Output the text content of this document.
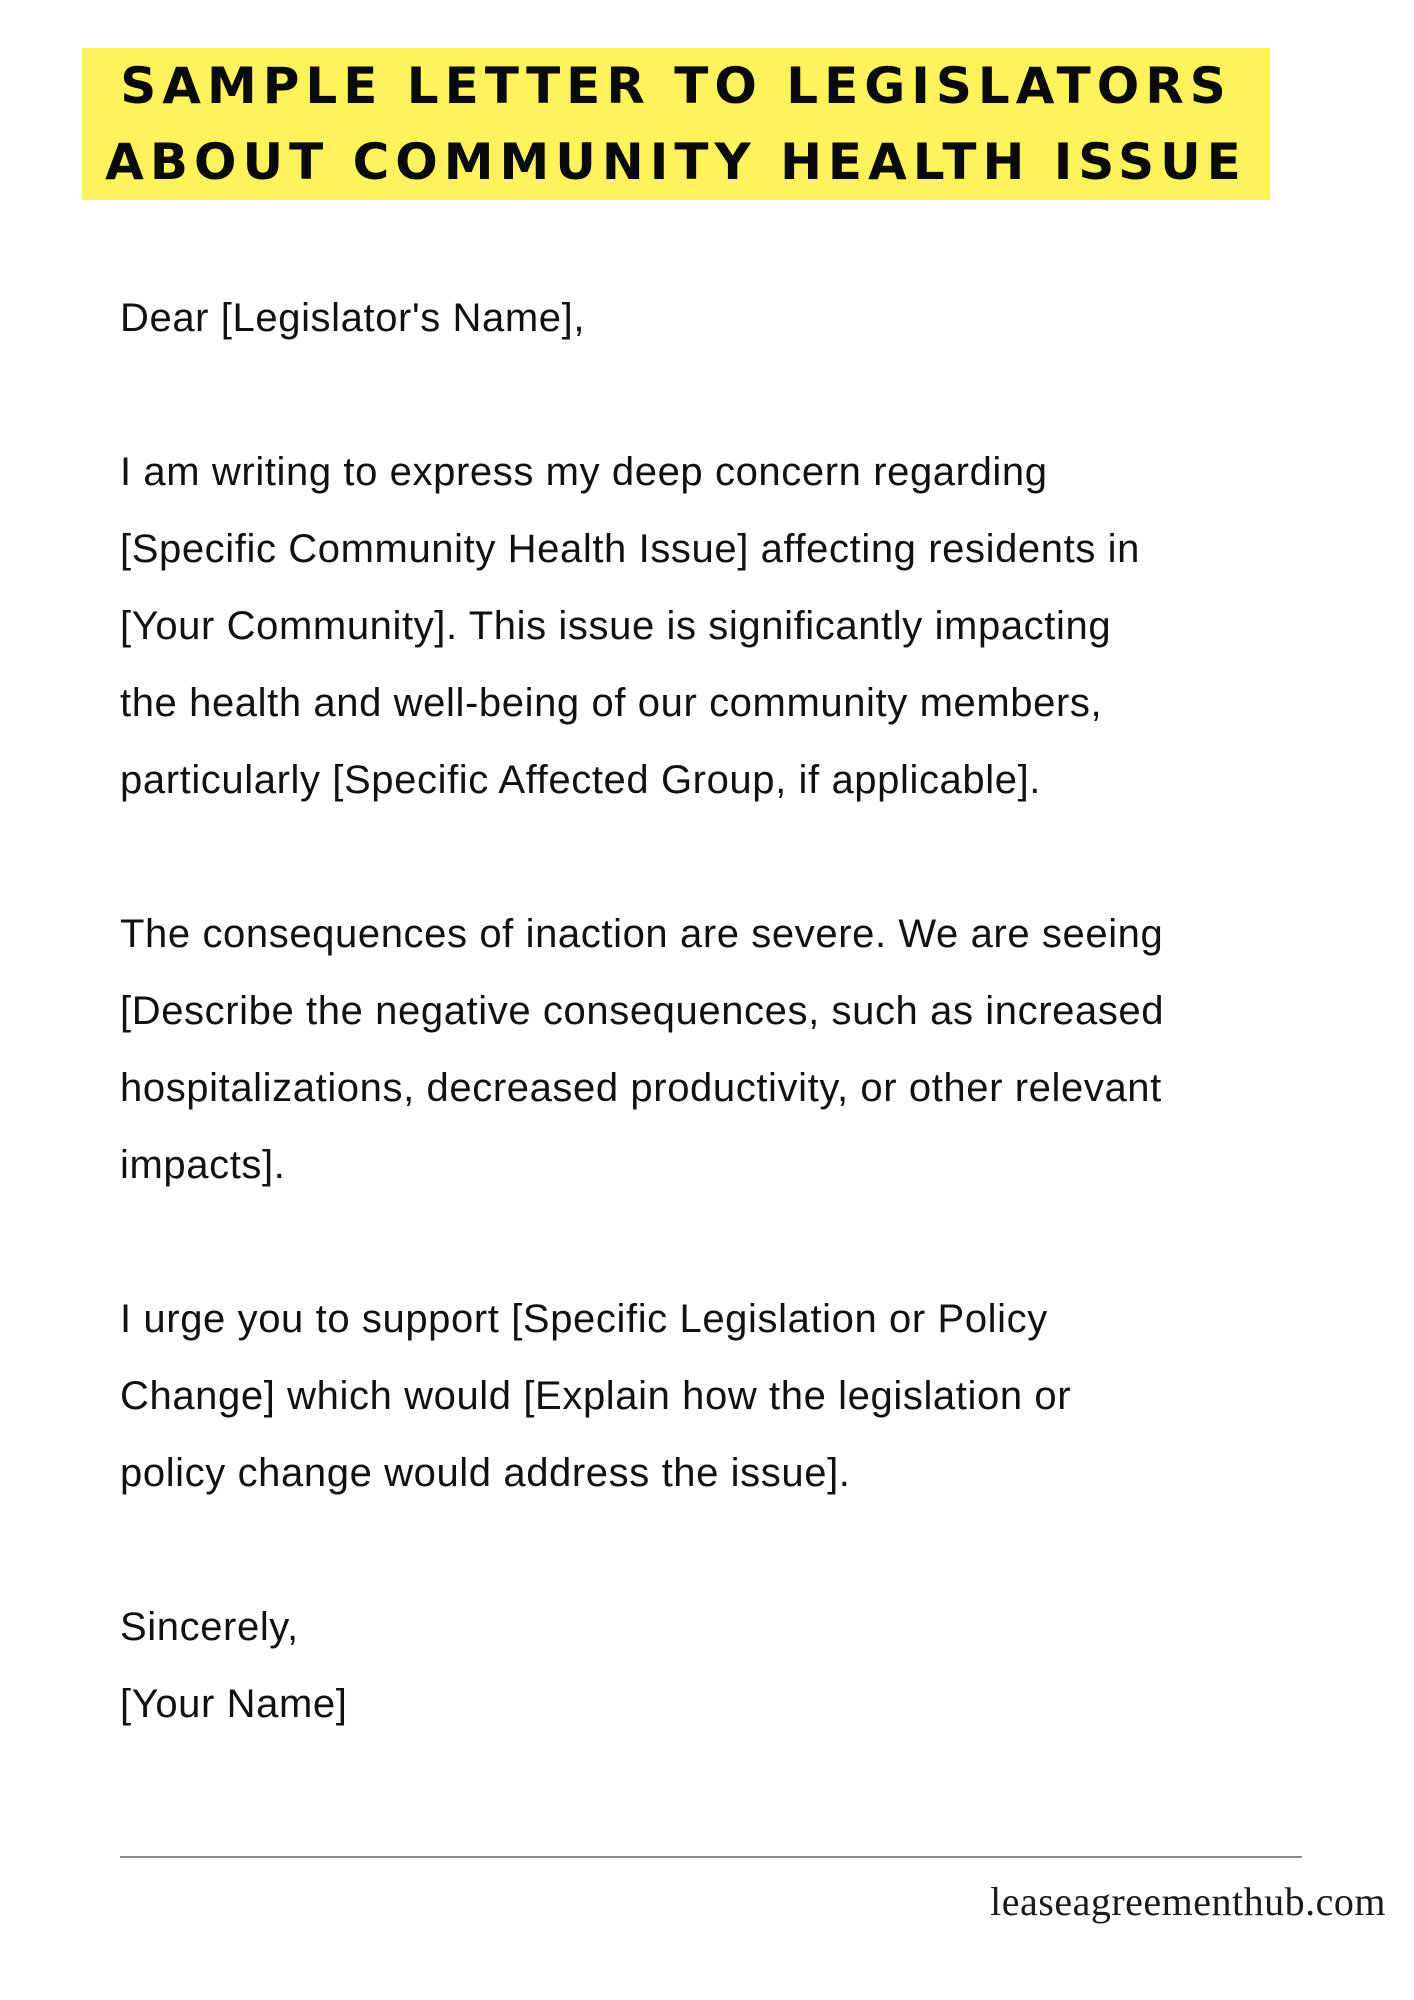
SAMPLE LETTER TO LEGISLATORS
ABOUT COMMUNITY HEALTH ISSUE

Dear [Legislator's Name],

I am writing to express my deep concern regarding
[Specific Community Health Issue] affecting residents in
[Your Community]. This issue is significantly impacting
the health and well-being of our community members,
particularly [Specific Affected Group, if applicable].

The consequences of inaction are severe. We are seeing
[Describe the negative consequences, such as increased
hospitalizations, decreased productivity, or other relevant
impacts].

I urge you to support [Specific Legislation or Policy
Change] which would [Explain how the legislation or
policy change would address the issue].

Sincerely,

[Your Name]

leaseagreementhub.com
